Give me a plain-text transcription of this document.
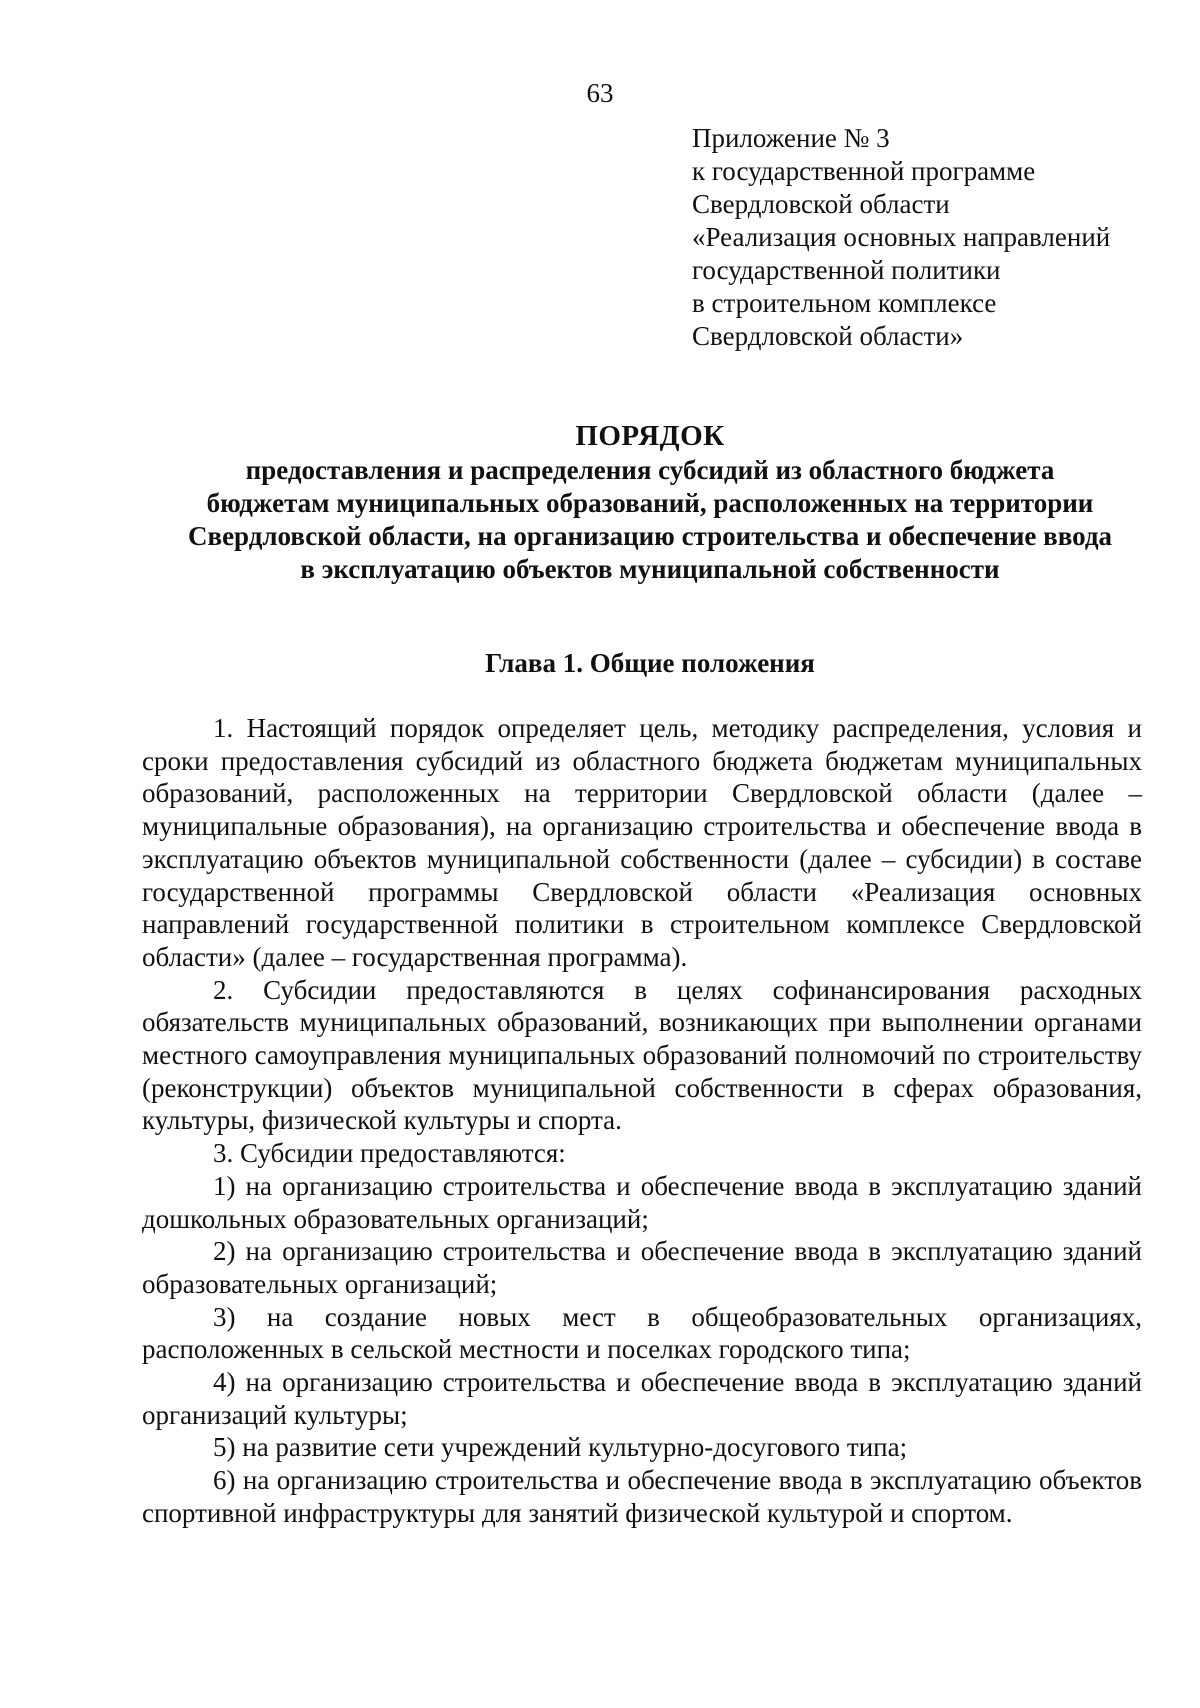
63
Приложение № 3
к государственной программе
Свердловской области
«Реализация основных направлений
государственной политики
в строительном комплексе
Свердловской области»
ПОРЯДОК
предоставления и распределения субсидий из областного бюджета
бюджетам муниципальных образований, расположенных на территории
Свердловской области, на организацию строительства и обеспечение ввода
в эксплуатацию объектов муниципальной собственности
Глава 1. Общие положения

1. Настоящий порядок определяет цель, методику распределения, условия и сроки предоставления субсидий из областного бюджета бюджетам муниципальных образований, расположенных на территории Свердловской области (далее – муниципальные образования), на организацию строительства и обеспечение ввода в эксплуатацию объектов муниципальной собственности (далее – субсидии) в составе государственной программы Свердловской области «Реализация основных направлений государственной политики в строительном комплексе Свердловской области» (далее – государственная программа).

2. Субсидии предоставляются в целях софинансирования расходных обязательств муниципальных образований, возникающих при выполнении органами местного самоуправления муниципальных образований полномочий по строительству (реконструкции) объектов муниципальной собственности в сферах образования, культуры, физической культуры и спорта.

3. Субсидии предоставляются:

1) на организацию строительства и обеспечение ввода в эксплуатацию зданий дошкольных образовательных организаций;

2) на организацию строительства и обеспечение ввода в эксплуатацию зданий образовательных организаций;

3) на создание новых мест в общеобразовательных организациях, расположенных в сельской местности и поселках городского типа;

4) на организацию строительства и обеспечение ввода в эксплуатацию зданий организаций культуры;

5) на развитие сети учреждений культурно-досугового типа;

6) на организацию строительства и обеспечение ввода в эксплуатацию объектов спортивной инфраструктуры для занятий физической культурой и спортом.
